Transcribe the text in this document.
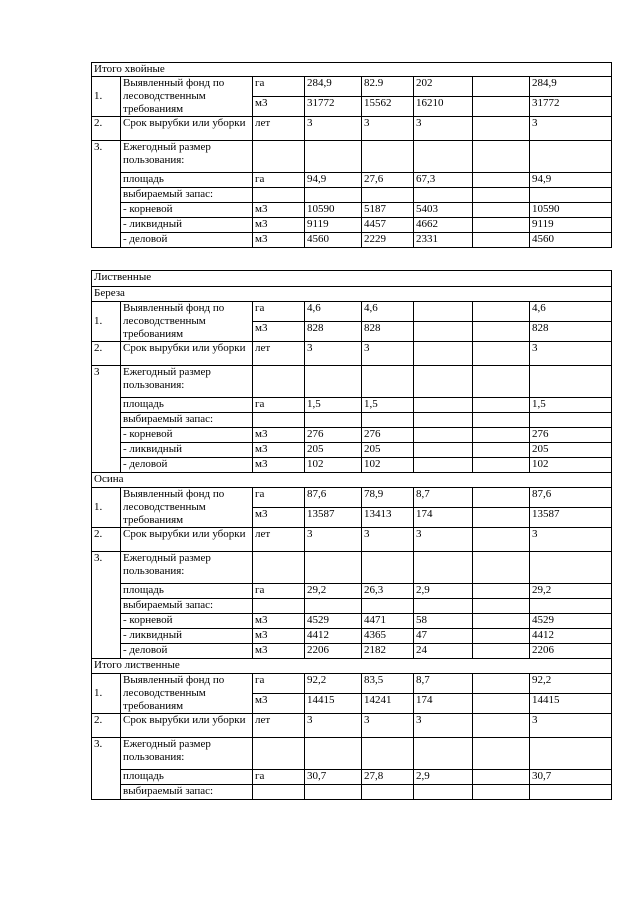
Итого хвойные							
1.	Выявленный фонд по лесоводственным требованиям	га	284,9	82.9	202		284,9
		м3	31772	15562	16210		31772
2.	Срок вырубки или уборки	лет	3	3	3		3
3.	Ежегодный размер пользования:						
	площадь	га	94,9	27,6	67,3		94,9
	выбираемый запас:						
	- корневой	м3	10590	5187	5403		10590
	- ликвидный	м3	9119	4457	4662		9119
	- деловой	м3	4560	2229	2331		4560
Лиственные							
Береза							
1.	Выявленный фонд по лесоводственным требованиям	га	4,6	4,6			4,6
		м3	828	828			828
2.	Срок вырубки или уборки	лет	3	3			3
3	Ежегодный размер пользования:						
	площадь	га	1,5	1,5			1,5
	выбираемый запас:						
	- корневой	м3	276	276			276
	- ликвидный	м3	205	205			205
	- деловой	м3	102	102			102
Осина							
1.	Выявленный фонд по лесоводственным требованиям	га	87,6	78,9	8,7		87,6
		м3	13587	13413	174		13587
2.	Срок вырубки или уборки	лет	3	3	3		3
3.	Ежегодный размер пользования:						
	площадь	га	29,2	26,3	2,9		29,2
	выбираемый запас:						
	- корневой	м3	4529	4471	58		4529
	- ликвидный	м3	4412	4365	47		4412
	- деловой	м3	2206	2182	24		2206
Итого лиственные							
1.	Выявленный фонд по лесоводственным требованиям	га	92,2	83,5	8,7		92,2
		м3	14415	14241	174		14415
2.	Срок вырубки или уборки	лет	3	3	3		3
3.	Ежегодный размер пользования:						
	площадь	га	30,7	27,8	2,9		30,7
	выбираемый запас:						
